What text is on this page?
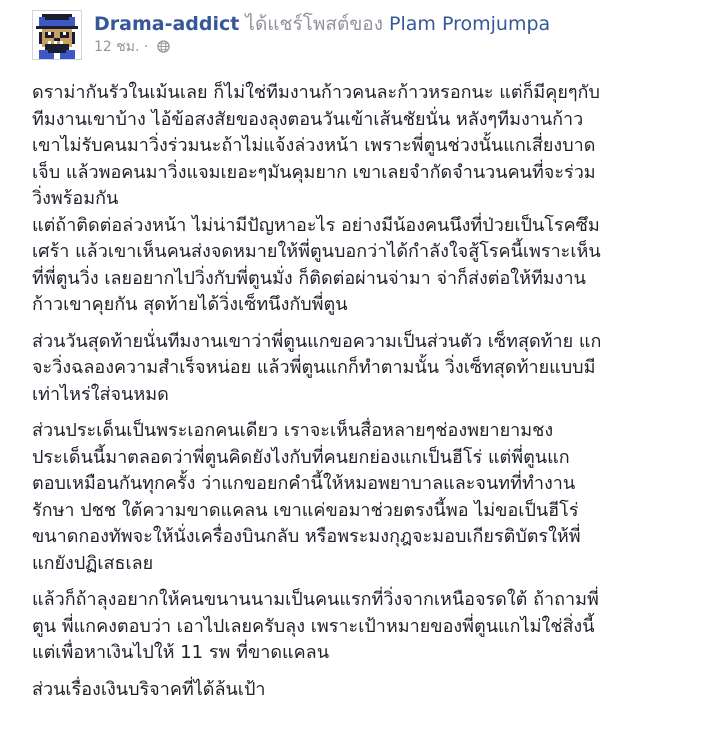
Drama-addict ได้แชร์โพสต์ของ Plam Promjumpa
12 ชม. ·

ดราม่ากันรัวในเม้นเลย ก็ไม่ใช่ทีมงานก้าวคนละก้าวหรอกนะ แต่ก็มีคุยๆกับ
ทีมงานเขาบ้าง ไอ้ข้อสงสัยของลุงตอนวันเข้าเส้นชัยนั่น หลังๆทีมงานก้าว
เขาไม่รับคนมาวิ่งร่วมนะถ้าไม่แจ้งล่วงหน้า เพราะพี่ตูนช่วงนั้นแกเสี่ยงบาด
เจ็บ แล้วพอคนมาวิ่งแจมเยอะๆมันคุมยาก เขาเลยจำกัดจำนวนคนที่จะร่วม
วิ่งพร้อมกัน
แต่ถ้าติดต่อล่วงหน้า ไม่น่ามีปัญหาอะไร อย่างมีน้องคนนึงที่ป่วยเป็นโรคซึม
เศร้า แล้วเขาเห็นคนส่งจดหมายให้พี่ตูนบอกว่าได้กำลังใจสู้โรคนี้เพราะเห็น
ที่พี่ตูนวิ่ง เลยอยากไปวิ่งกับพี่ตูนมั่ง ก็ติดต่อผ่านจ่ามา จ่าก็ส่งต่อให้ทีมงาน
ก้าวเขาคุยกัน สุดท้ายได้วิ่งเซ็ทนึงกับพี่ตูน

ส่วนวันสุดท้ายนั่นทีมงานเขาว่าพี่ตูนแกขอความเป็นส่วนตัว เซ็ทสุดท้าย แก
จะวิ่งฉลองความสำเร็จหน่อย แล้วพี่ตูนแกก็ทำตามนั้น วิ่งเซ็ทสุดท้ายแบบมี
เท่าไหร่ใส่จนหมด

ส่วนประเด็นเป็นพระเอกคนเดียว เราจะเห็นสื่อหลายๆช่องพยายามชง
ประเด็นนี้มาตลอดว่าพี่ตูนคิดยังไงกับที่คนยกย่องแกเป็นฮีโร่ แต่พี่ตูนแก
ตอบเหมือนกันทุกครั้ง ว่าแกขอยกคำนี้ให้หมอพยาบาลและจนทที่ทำงาน
รักษา ปชช ใต้ความขาดแคลน เขาแค่ขอมาช่วยตรงนี้พอ ไม่ขอเป็นฮีโร่
ขนาดกองทัพจะให้นั่งเครื่องบินกลับ หรือพระมงกุฎจะมอบเกียรติบัตรให้พี่
แกยังปฏิเสธเลย

แล้วก็ถ้าลุงอยากให้คนขนานนามเป็นคนแรกที่วิ่งจากเหนือจรดใต้ ถ้าถามพี่
ตูน พี่แกคงตอบว่า เอาไปเลยครับลุง เพราะเป้าหมายของพี่ตูนแกไม่ใช่สิ่งนี้
แต่เพื่อหาเงินไปให้ 11 รพ ที่ขาดแคลน

ส่วนเรื่องเงินบริจาคที่ได้ล้นเป้า
